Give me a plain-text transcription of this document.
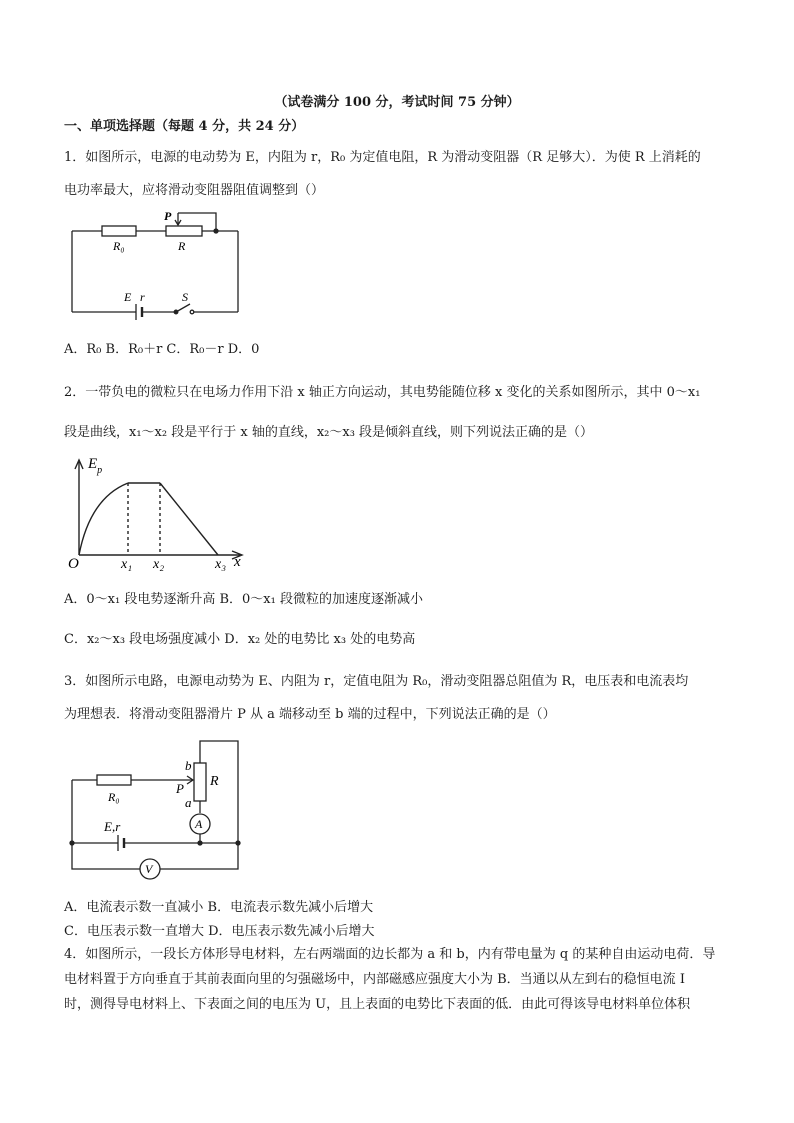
（试卷满分 100 分，考试时间 75 分钟）
一、单项选择题（每题 4 分，共 24 分）
1．如图所示，电源的电动势为 E，内阻为 r，R₀ 为定值电阻，R 为滑动变阻器（R 足够大）．为使 R 上消耗的
电功率最大，应将滑动变阻器阻值调整到（）
R₀	R
P
E r	S
A．R₀ B．R₀＋r C．R₀－r D．0
2．一带负电的微粒只在电场力作用下沿 x 轴正方向运动，其电势能随位移 x 变化的关系如图所示，其中 0～x₁
段是曲线，x₁～x₂ 段是平行于 x 轴的直线，x₂～x₃ 段是倾斜直线，则下列说法正确的是（）
$E_p$
O	x₁ x₂	x₃ x
A．0～x₁ 段电势逐渐升高 B．0～x₁ 段微粒的加速度逐渐减小
C．x₂～x₃ 段电场强度减小 D．x₂ 处的电势比 x₃ 处的电势高
3．如图所示电路，电源电动势为 E、内阻为 r，定值电阻为 R₀，滑动变阻器总阻值为 R，电压表和电流表均
为理想表．将滑动变阻器滑片 P 从 a 端移动至 b 端的过程中，下列说法正确的是（）
R₀
R
b
P
a
A
V
E,r
A．电流表示数一直减小 B．电流表示数先减小后增大
C．电压表示数一直增大 D．电压表示数先减小后增大
4．如图所示，一段长方体形导电材料，左右两端面的边长都为 a 和 b，内有带电量为 q 的某种自由运动电荷．导
电材料置于方向垂直于其前表面向里的匀强磁场中，内部磁感应强度大小为 B．当通以从左到右的稳恒电流 I
时，测得导电材料上、下表面之间的电压为 U，且上表面的电势比下表面的低．由此可得该导电材料单位体积
